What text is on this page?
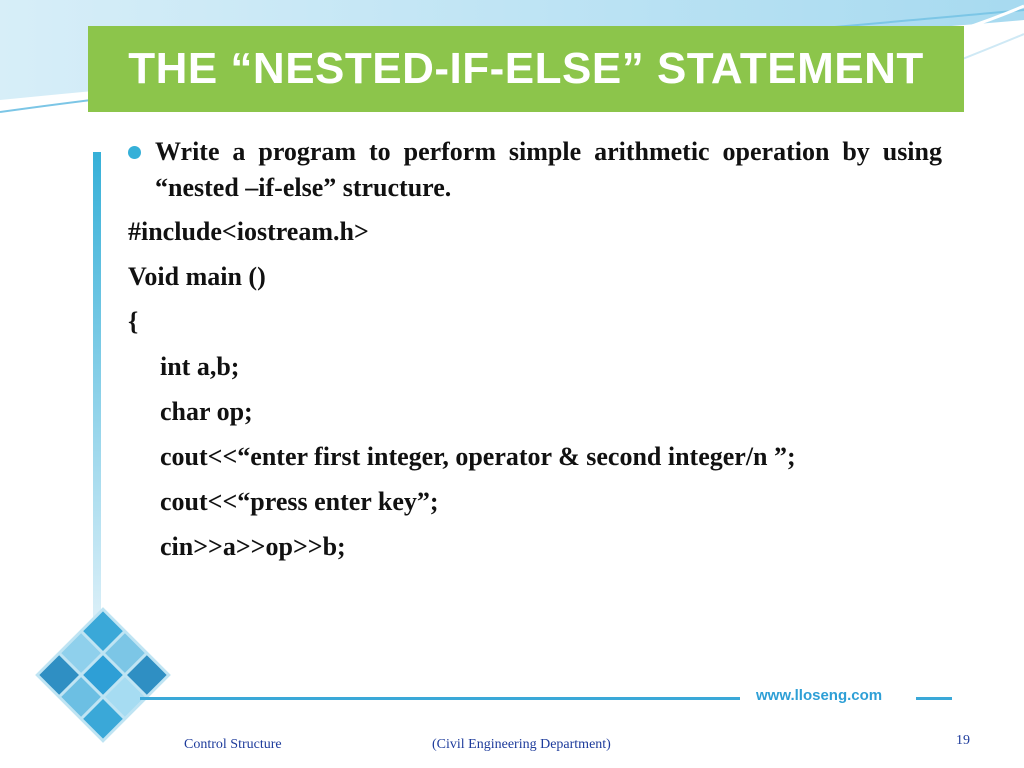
THE “NESTED-IF-ELSE” STATEMENT
Write a program to perform simple arithmetic operation by using “nested –if-else” structure.
#include<iostream.h>
Void main ()
{
int a,b;
char op;
cout<<“enter first integer, operator & second integer/n ”;
cout<<“press enter key”;
cin>>a>>op>>b;
www.lloseng.com
Control Structure	(Civil Engineering Department)	19
